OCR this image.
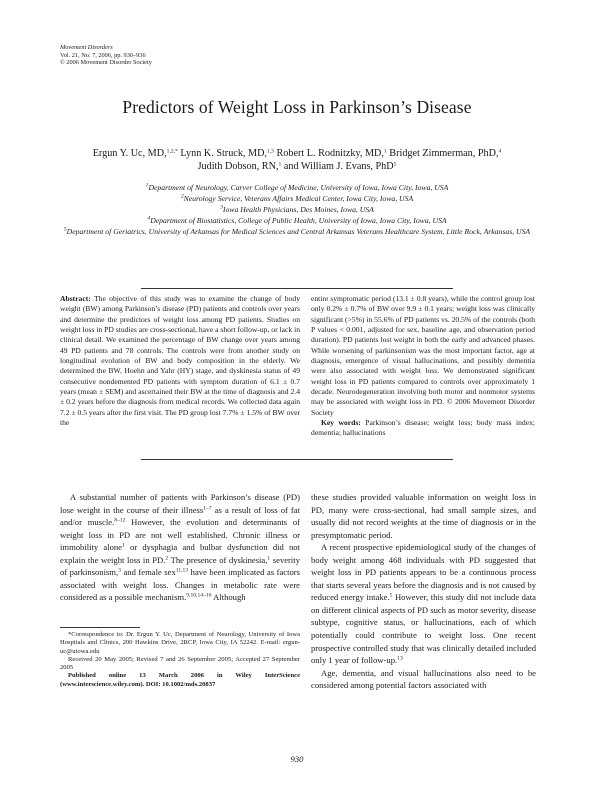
Movement Disorders
Vol. 21, No. 7, 2006, pp. 930–936
© 2006 Movement Disorder Society
Predictors of Weight Loss in Parkinson’s Disease
Ergun Y. Uc, MD,$^{1,2,*}$ Lynn K. Struck, MD,$^{1,3}$ Robert L. Rodnitzky, MD,$^1$ Bridget Zimmerman, PhD,$^4$
Judith Dobson, RN,$^1$ and William J. Evans, PhD$^5$
$^1$Department of Neurology, Carver College of Medicine, University of Iowa, Iowa City, Iowa, USA
$^2$Neurology Service, Veterans Affairs Medical Center, Iowa City, Iowa, USA
$^3$Iowa Health Physicians, Des Moines, Iowa, USA
$^4$Department of Biostatistics, College of Public Health, University of Iowa, Iowa City, Iowa, USA
$^5$Department of Geriatrics, University of Arkansas for Medical Sciences and Central Arkansas Veterans Healthcare System, Little Rock, Arkansas, USA
Abstract: The objective of this study was to examine the change of body weight (BW) among Parkinson’s disease (PD) patients and controls over years and determine the predictors of weight loss among PD patients. Studies on weight loss in PD studies are cross-sectional, have a short follow-up, or lack in clinical detail. We examined the percentage of BW change over years among 49 PD patients and 78 controls. The controls were from another study on longitudinal evolution of BW and body composition in the elderly. We determined the BW, Hoehn and Yahr (HY) stage, and dyskinesia status of 49 consecutive nondemented PD patients with symptom duration of 6.1 ± 0.7 years (mean ± SEM) and ascertained their BW at the time of diagnosis and 2.4 ± 0.2 years before the diagnosis from medical records. We collected data again 7.2 ± 0.5 years after the first visit. The PD group lost 7.7% ± 1.5% of BW over the
entire symptomatic period (13.1 ± 0.8 years), while the control group lost only 0.2% ± 0.7% of BW over 9.9 ± 0.1 years; weight loss was clinically significant (>5%) in 55.6% of PD patients vs. 20.5% of the controls (both P values < 0.001, adjusted for sex, baseline age, and observation period duration). PD patients lost weight in both the early and advanced phases. While worsening of parkinsonism was the most important factor, age at diagnosis, emergence of visual hallucinations, and possibly dementia were also associated with weight loss. We demonstrated significant weight loss in PD patients compared to controls over approximately 1 decade. Neurodegeneration involving both motor and nonmotor systems may be associated with weight loss in PD. © 2006 Movement Disorder Society
Key words: Parkinson’s disease; weight loss; body mass index; dementia; hallucinations

A substantial number of patients with Parkinson’s disease (PD) lose weight in the course of their illness$^{1-7}$ as a result of loss of fat and/or muscle.$^{8-12}$ However, the evolution and determinants of weight loss in PD are not well established. Chronic illness or immobility alone$^1$ or dysphagia and bulbar dysfunction did not explain the weight loss in PD.$^2$ The presence of dyskinesia,$^1$ severity of parkinsonism,$^3$ and female sex$^{11,13}$ have been implicated as factors associated with weight loss. Changes in metabolic rate were considered as a possible mechanism.$^{9,10,14-16}$ Although

these studies provided valuable information on weight loss in PD, many were cross-sectional, had small sample sizes, and usually did not record weights at the time of diagnosis or in the presymptomatic period.

A recent prospective epidemiological study of the changes of body weight among 468 individuals with PD suggested that weight loss in PD patients appears to be a continuous process that starts several years before the diagnosis and is not caused by reduced energy intake.$^5$ However, this study did not include data on different clinical aspects of PD such as motor severity, disease subtype, cognitive status, or hallucinations, each of which potentially could contribute to weight loss. One recent prospective controlled study that was clinically detailed included only 1 year of follow-up.$^{13}$

Age, dementia, and visual hallucinations also need to be considered among potential factors associated with

*Correspondence to: Dr. Ergun Y. Uc, Department of Neurology, University of Iowa Hospitals and Clinics, 200 Hawkins Drive, 2RCP, Iowa City, IA 52242. E-mail: ergun-uc@uiowa.edu

Received 20 May 2005; Revised 7 and 26 September 2005; Accepted 27 September 2005

Published online 13 March 2006 in Wiley InterScience (www.interscience.wiley.com). DOI: 10.1002/mds.20837

930
